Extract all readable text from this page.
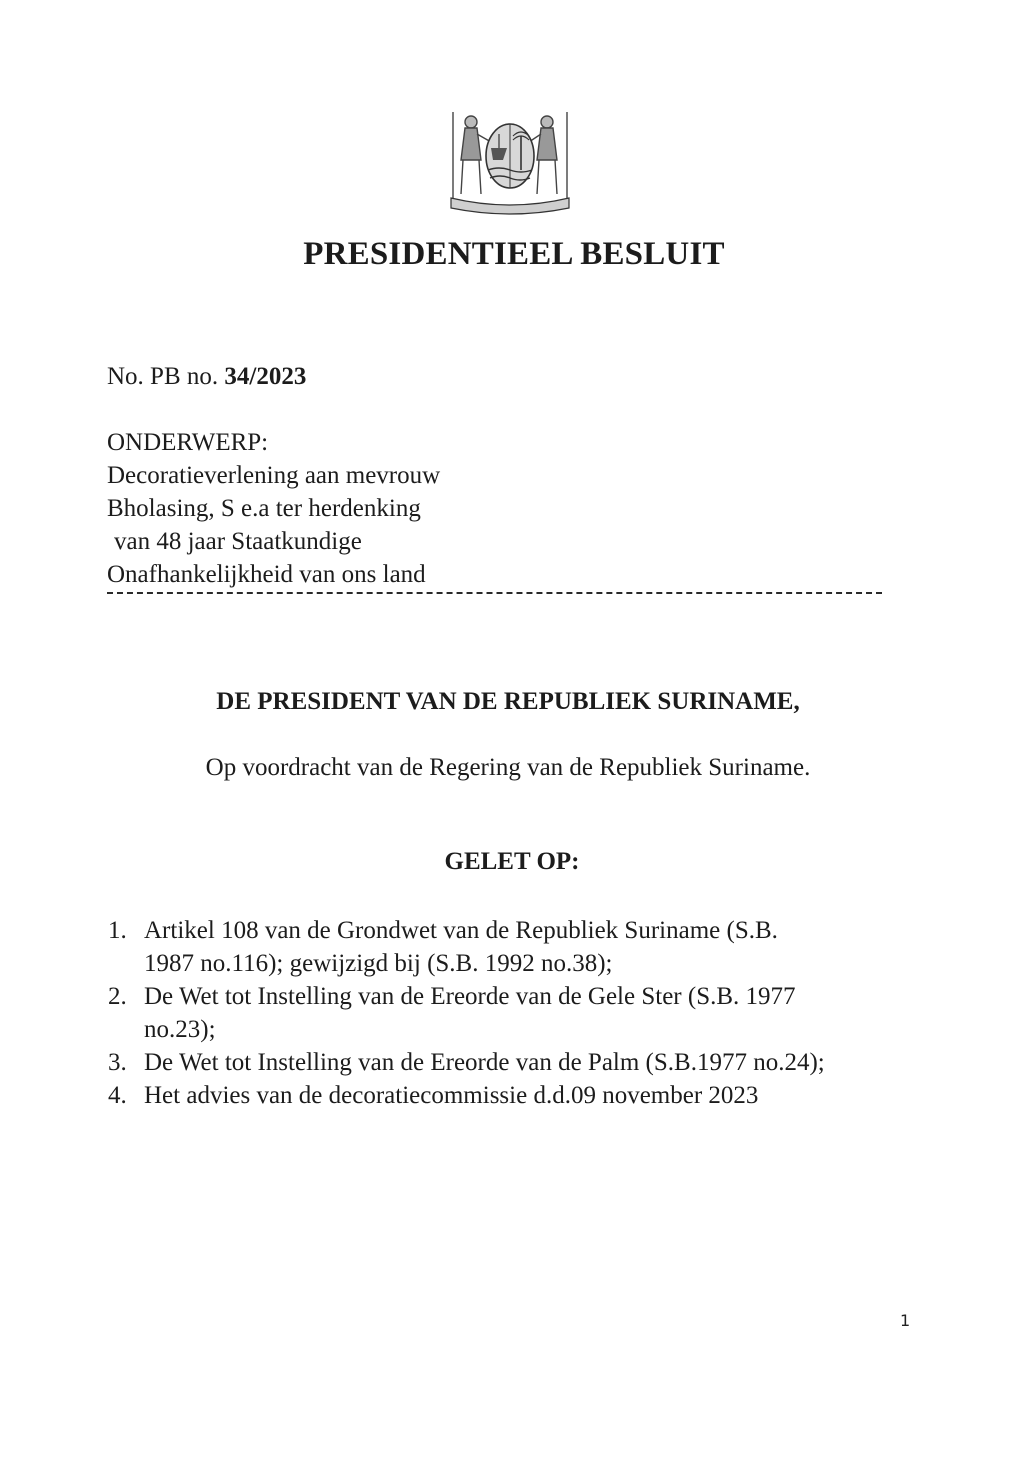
PRESIDENTIEEL BESLUIT
No. PB no. 34/2023
ONDERWERP:
Decoratieverlening aan mevrouw
Bholasing, S e.a ter herdenking
van 48 jaar Staatkundige
Onafhankelijkheid van ons land
DE PRESIDENT VAN DE REPUBLIEK SURINAME,
Op voordracht van de Regering van de Republiek Suriname.
GELET OP:
1. Artikel 108 van de Grondwet van de Republiek Suriname (S.B.
1987 no.116); gewijzigd bij (S.B. 1992 no.38);
2. De Wet tot Instelling van de Ereorde van de Gele Ster (S.B. 1977
no.23);
3. De Wet tot Instelling van de Ereorde van de Palm (S.B.1977 no.24);
4. Het advies van de decoratiecommissie d.d.09 november 2023
1
